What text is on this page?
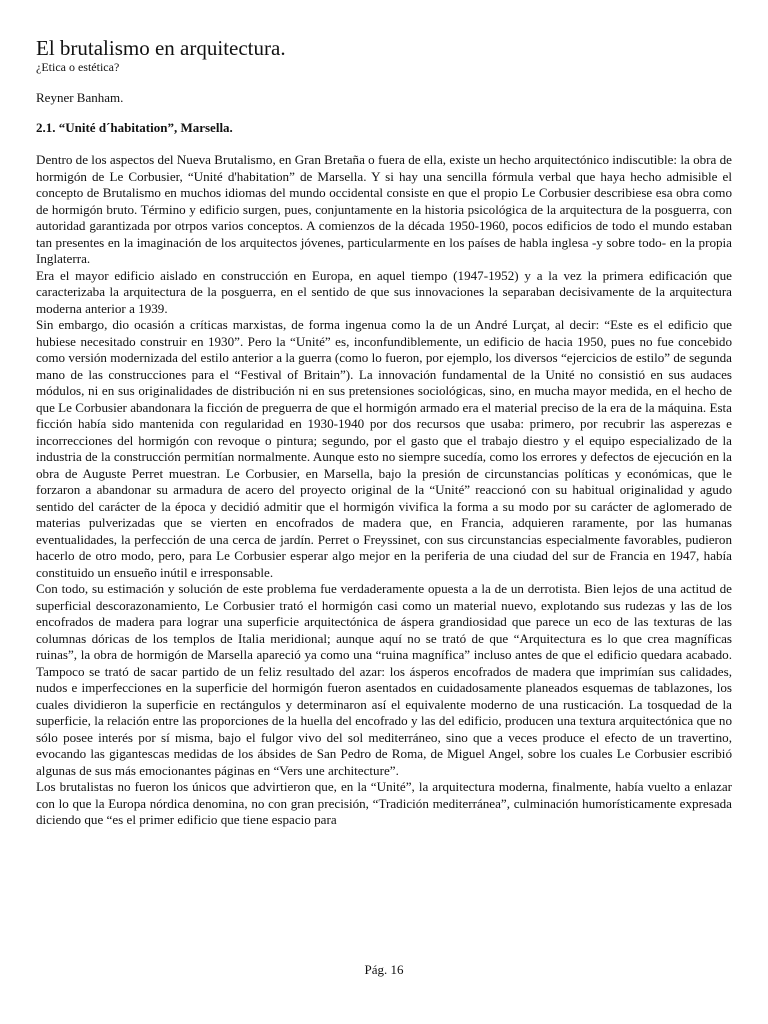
El brutalismo en arquitectura.

¿Etica o estética?

Reyner Banham.

2.1. “Unité d´habitation”, Marsella.

Dentro de los aspectos del Nueva Brutalismo, en Gran Bretaña o fuera de ella, existe un hecho arquitectónico indiscutible: la obra de hormigón de Le Corbusier, “Unité d'habitation” de Marsella. Y si hay una sencilla fórmula verbal que haya hecho admisible el concepto de Brutalismo en muchos idiomas del mundo occidental consiste en que el propio Le Corbusier describiese esa obra como de hormigón bruto. Término y edificio surgen, pues, conjuntamente en la historia psicológica de la arquitectura de la posguerra, con autoridad garantizada por otrpos varios conceptos. A comienzos de la década 1950-1960, pocos edificios de todo el mundo estaban tan presentes en la imaginación de los arquitectos jóvenes, particularmente en los países de habla inglesa -y sobre todo- en la propia Inglaterra.

Era el mayor edificio aislado en construcción en Europa, en aquel tiempo (1947-1952) y a la vez la primera edificación que caracterizaba la arquitectura de la posguerra, en el sentido de que sus innovaciones la separaban decisivamente de la arquitectura moderna anterior a 1939.

Sin embargo, dio ocasión a críticas marxistas, de forma ingenua como la de un André Lurçat, al decir: “Este es el edificio que hubiese necesitado construir en 1930”. Pero la “Unité” es, inconfundiblemente, un edificio de hacia 1950, pues no fue concebido como versión modernizada del estilo anterior a la guerra (como lo fueron, por ejemplo, los diversos “ejercicios de estilo” de segunda mano de las construcciones para el “Festival of Britain”). La innovación fundamental de la Unité no consistió en sus audaces módulos, ni en sus originalidades de distribución ni en sus pretensiones sociológicas, sino, en mucha mayor medida, en el hecho de que Le Corbusier abandonara la ficción de preguerra de que el hormigón armado era el material preciso de la era de la máquina. Esta ficción había sido mantenida con regularidad en 1930-1940 por dos recursos que usaba: primero, por recubrir las asperezas e incorrecciones del hormigón con revoque o pintura; segundo, por el gasto que el trabajo diestro y el equipo especializado de la industria de la construcción permitían normalmente. Aunque esto no siempre sucedía, como los errores y defectos de ejecución en la obra de Auguste Perret muestran. Le Corbusier, en Marsella, bajo la presión de circunstancias políticas y económicas, que le forzaron a abandonar su armadura de acero del proyecto original de la “Unité” reaccionó con su habitual originalidad y agudo sentido del carácter de la época y decidió admitir que el hormigón vivifica la forma a su modo por su carácter de aglomerado de materias pulverizadas que se vierten en encofrados de madera que, en Francia, adquieren raramente, por las humanas eventualidades, la perfección de una cerca de jardín. Perret o Freyssinet, con sus circunstancias especialmente favorables, pudieron hacerlo de otro modo, pero, para Le Corbusier esperar algo mejor en la periferia de una ciudad del sur de Francia en 1947, había constituido un ensueño inútil e irresponsable.

Con todo, su estimación y solución de este problema fue verdaderamente opuesta a la de un derrotista. Bien lejos de una actitud de superficial descorazonamiento, Le Corbusier trató el hormigón casi como un material nuevo, explotando sus rudezas y las de los encofrados de madera para lograr una superficie arquitectónica de áspera grandiosidad que parece un eco de las texturas de las columnas dóricas de los templos de Italia meridional; aunque aquí no se trató de que “Arquitectura es lo que crea magníficas ruinas”, la obra de hormigón de Marsella apareció ya como una “ruina magnífica” incluso antes de que el edificio quedara acabado. Tampoco se trató de sacar partido de un feliz resultado del azar: los ásperos encofrados de madera que imprimían sus calidades, nudos e imperfecciones en la superficie del hormigón fueron asentados en cuidadosamente planeados esquemas de tablazones, los cuales dividieron la superficie en rectángulos y determinaron así el equivalente moderno de una rusticación. La tosquedad de la superficie, la relación entre las proporciones de la huella del encofrado y las del edificio, producen una textura arquitectónica que no sólo posee interés por sí misma, bajo el fulgor vivo del sol mediterráneo, sino que a veces produce el efecto de un travertino, evocando las gigantescas medidas de los ábsides de San Pedro de Roma, de Miguel Angel, sobre los cuales Le Corbusier escribió algunas de sus más emocionantes páginas en “Vers une architecture”.

Los brutalistas no fueron los únicos que advirtieron que, en la “Unité”, la arquitectura moderna, finalmente, había vuelto a enlazar con lo que la Europa nórdica denomina, no con gran precisión, “Tradición mediterránea”, culminación humorísticamente expresada diciendo que “es el primer edificio que tiene espacio para

Pág. 16
